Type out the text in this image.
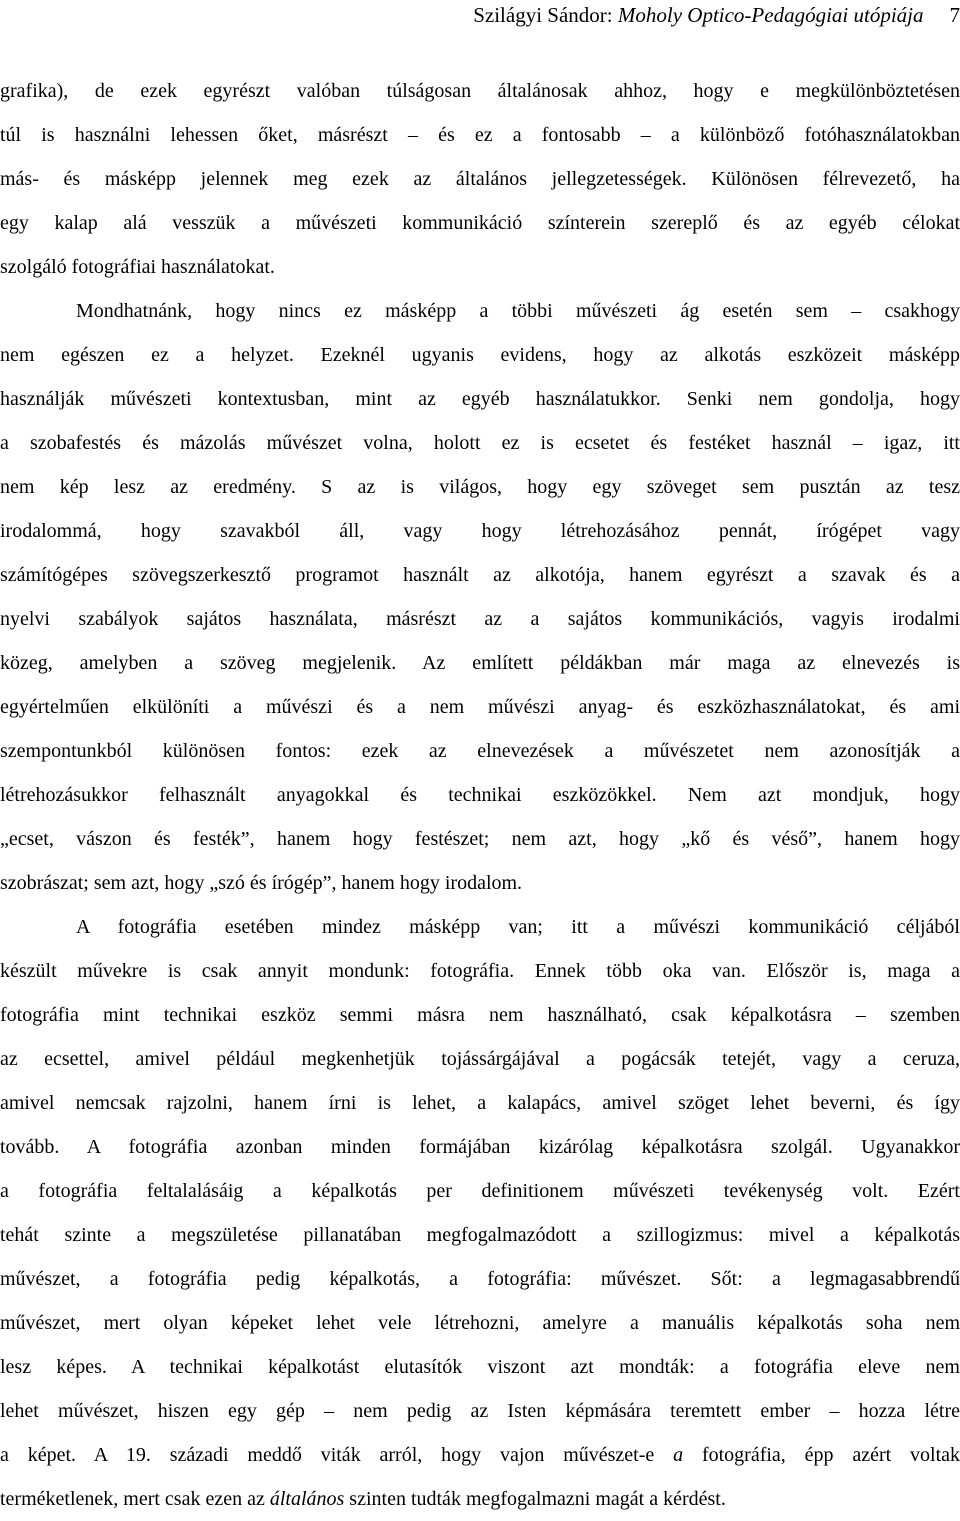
Szilágyi Sándor: Moholy Optico-Pedagógiai utópiája 7
grafika), de ezek egyrészt valóban túlságosan általánosak ahhoz, hogy e megkülönböztetésen
túl is használni lehessen őket, másrészt – és ez a fontosabb – a különböző fotóhasználatokban
más- és másképp jelennek meg ezek az általános jellegzetességek. Különösen félrevezető, ha
egy kalap alá vesszük a művészeti kommunikáció színterein szereplő és az egyéb célokat
szolgáló fotográfiai használatokat.
Mondhatnánk, hogy nincs ez másképp a többi művészeti ág esetén sem – csakhogy
nem egészen ez a helyzet. Ezeknél ugyanis evidens, hogy az alkotás eszközeit másképp
használják művészeti kontextusban, mint az egyéb használatukkor. Senki nem gondolja, hogy
a szobafestés és mázolás művészet volna, holott ez is ecsetet és festéket használ – igaz, itt
nem kép lesz az eredmény. S az is világos, hogy egy szöveget sem pusztán az tesz
irodalommá, hogy szavakból áll, vagy hogy létrehozásához pennát, írógépet vagy
számítógépes szövegszerkesztő programot használt az alkotója, hanem egyrészt a szavak és a
nyelvi szabályok sajátos használata, másrészt az a sajátos kommunikációs, vagyis irodalmi
közeg, amelyben a szöveg megjelenik. Az említett példákban már maga az elnevezés is
egyértelműen elkülöníti a művészi és a nem művészi anyag- és eszközhasználatokat, és ami
szempontunkból különösen fontos: ezek az elnevezések a művészetet nem azonosítják a
létrehozásukkor felhasznált anyagokkal és technikai eszközökkel. Nem azt mondjuk, hogy
„ecset, vászon és festék”, hanem hogy festészet; nem azt, hogy „kő és véső”, hanem hogy
szobrászat; sem azt, hogy „szó és írógép”, hanem hogy irodalom.
A fotográfia esetében mindez másképp van; itt a művészi kommunikáció céljából
készült művekre is csak annyit mondunk: fotográfia. Ennek több oka van. Először is, maga a
fotográfia mint technikai eszköz semmi másra nem használható, csak képalkotásra – szemben
az ecsettel, amivel például megkenhetjük tojássárgájával a pogácsák tetejét, vagy a ceruza,
amivel nemcsak rajzolni, hanem írni is lehet, a kalapács, amivel szöget lehet beverni, és így
tovább. A fotográfia azonban minden formájában kizárólag képalkotásra szolgál. Ugyanakkor
a fotográfia feltalalásáig a képalkotás per definitionem művészeti tevékenység volt. Ezért
tehát szinte a megszületése pillanatában megfogalmazódott a szillogizmus: mivel a képalkotás
művészet, a fotográfia pedig képalkotás, a fotográfia: művészet. Sőt: a legmagasabbrendű
művészet, mert olyan képeket lehet vele létrehozni, amelyre a manuális képalkotás soha nem
lesz képes. A technikai képalkotást elutasítók viszont azt mondták: a fotográfia eleve nem
lehet művészet, hiszen egy gép – nem pedig az Isten képmására teremtett ember – hozza létre
a képet. A 19. századi meddő viták arról, hogy vajon művészet-e a fotográfia, épp azért voltak
terméketlenek, mert csak ezen az általános szinten tudták megfogalmazni magát a kérdést.
